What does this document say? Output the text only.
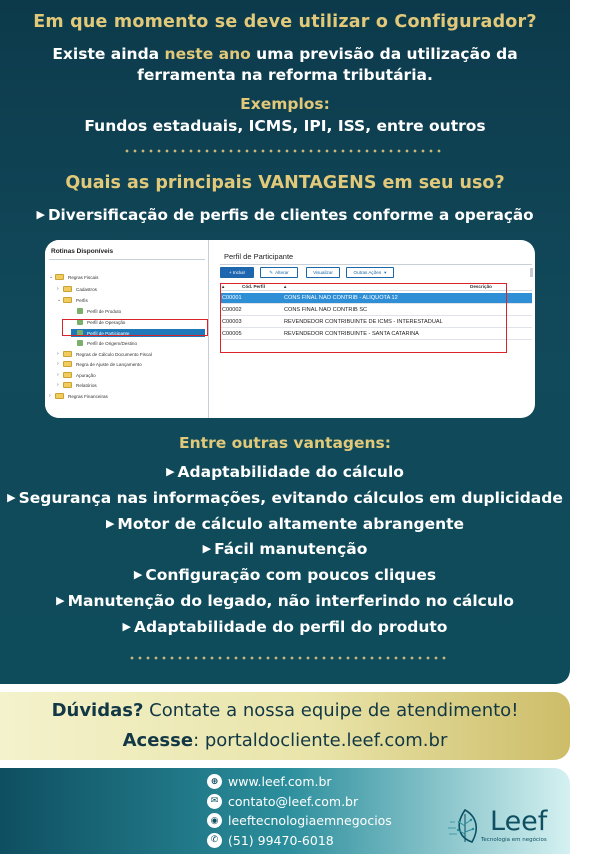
Em que momento se deve utilizar o Configurador?
Existe ainda neste ano uma previsão da utilização da ferramenta na reforma tributária.
Exemplos:
Fundos estaduais, ICMS, IPI, ISS, entre outros
Quais as principais VANTAGENS em seu uso?
▶ Diversificação de perfis de clientes conforme a operação
Rotinas Disponíveis
⌄	Regras Fiscais
›	Cadastros
⌄	Perfis
Perfil de Produto
Perfil de Operação
Perfil de Participante
Perfil de Origem/Destino
›	Regras de Cálculo Documento Fiscal
›	Regra de Ajuste de Lançamento
›	Apuração
›	Relatórios
›	Regras Financeiras
Perfil de Participante
+ Incluir	✎ Alterar	Visualizar	Outras Ações ▾
▴	Cód. Perfil	▴	Descrição
C00001	CONS FINAL NAO CONTRIB - ALIQUOTA 12
C00002	CONS FINAL NAO CONTRIB SC
C00003	REVENDEDOR CONTRIBUINTE DE ICMS - INTERESTADUAL
C00005	REVENDEDOR CONTRIBUINTE - SANTA CATARINA
Entre outras vantagens:
▶ Adaptabilidade do cálculo
▶ Segurança nas informações, evitando cálculos em duplicidade
▶ Motor de cálculo altamente abrangente
▶ Fácil manutenção
▶ Configuração com poucos cliques
▶ Manutenção do legado, não interferindo no cálculo
▶ Adaptabilidade do perfil do produto
Dúvidas? Contate a nossa equipe de atendimento!
Acesse: portaldocliente.leef.com.br
⊕ www.leef.com.br
✉ contato@leef.com.br
◉ leeftecnologiaemnegocios
✆ (51) 99470-6018
Leef
Tecnologia em negócios
